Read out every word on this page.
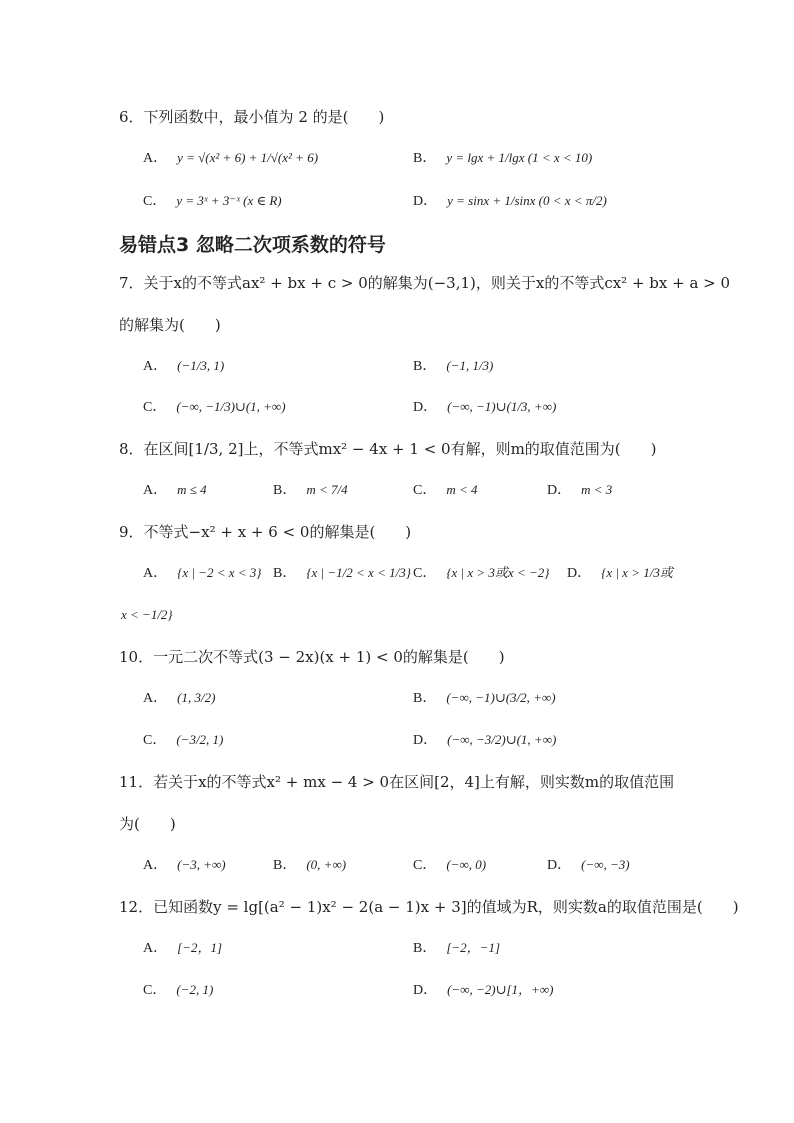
6．下列函数中，最小值为 2 的是(　　)
A． y = √(x² + 6) + 1/√(x² + 6)	B． y = lgx + 1/lgx (1 < x < 10)
C． y = 3ˣ + 3⁻ˣ (x ∈ R)	D． y = sinx + 1/sinx (0 < x < π/2)
易错点3 忽略二次项系数的符号
7．关于x的不等式ax² + bx + c > 0的解集为(−3,1)，则关于x的不等式cx² + bx + a > 0
的解集为(　　)
A． (−1/3, 1)	B． (−1, 1/3)
C． (−∞, −1/3)∪(1, +∞)	D． (−∞, −1)∪(1/3, +∞)
8．在区间[1/3, 2]上，不等式mx² − 4x + 1 < 0有解，则m的取值范围为(　　)
A． m ≤ 4	B． m < 7/4	C． m < 4	D． m < 3
9．不等式−x² + x + 6 < 0的解集是(　　)
A． {x | −2 < x < 3} B． {x | −1/2 < x < 1/3} C． {x | x > 3或x < −2} D． {x | x > 1/3或
x < −1/2}
10．一元二次不等式(3 − 2x)(x + 1) < 0的解集是(　　)
A． (1, 3/2)	B． (−∞, −1)∪(3/2, +∞)
C． (−3/2, 1)	D． (−∞, −3/2)∪(1, +∞)
11．若关于x的不等式x² + mx − 4 > 0在区间[2，4]上有解，则实数m的取值范围
为(　　)
A． (−3, +∞)	B． (0, +∞)	C． (−∞, 0)	D． (−∞, −3)
12．已知函数y = lg[(a² − 1)x² − 2(a − 1)x + 3]的值域为R，则实数a的取值范围是(　　)
A． [−2，1]	B． [−2，−1]
C． (−2, 1)	D． (−∞, −2)∪[1，+∞)
